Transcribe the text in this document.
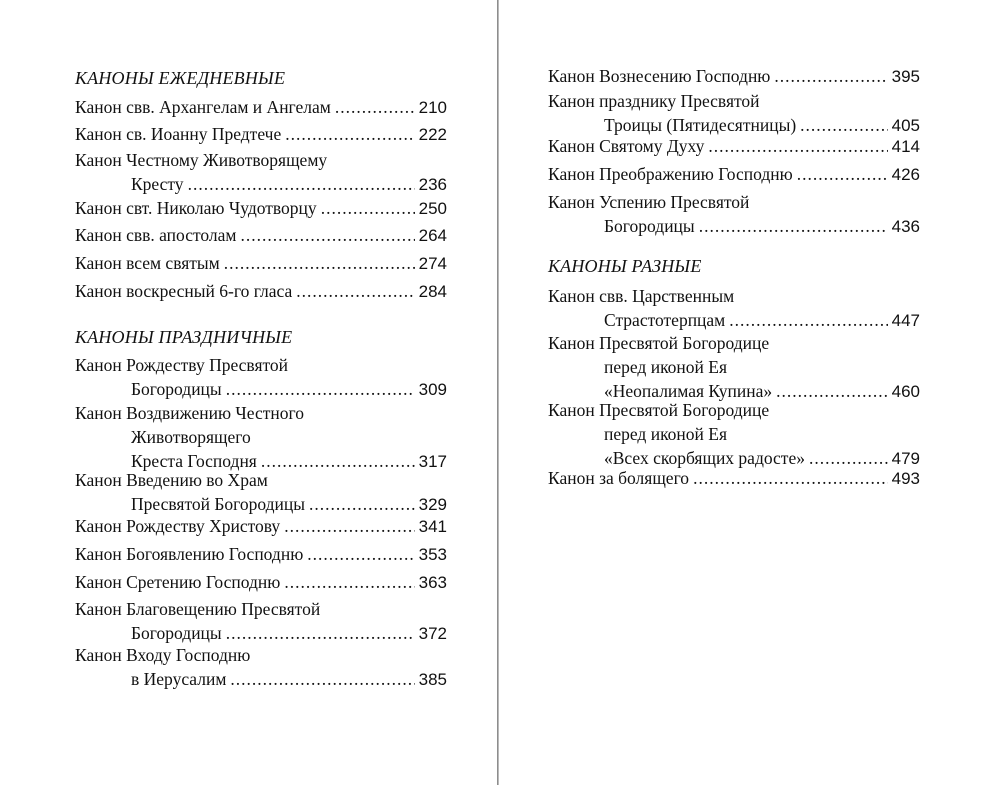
КАНОНЫ ЕЖЕДНЕВНЫЕ
Канон свв. Архангелам и Ангелам .....	210
Канон св. Иоанну Предтече .....	222
Канон Честному Животворящему
Кресту .....	236
Канон свт. Николаю Чудотворцу .....	250
Канон свв. апостолам .....	264
Канон всем святым .....	274
Канон воскресный 6-го гласа .....	284
КАНОНЫ ПРАЗДНИЧНЫЕ
Канон Рождеству Пресвятой
Богородицы .....	309
Канон Воздвижению Честного
Животворящего
Креста Господня .....	317
Канон Введению во Храм
Пресвятой Богородицы .....	329
Канон Рождеству Христову .....	341
Канон Богоявлению Господню .....	353
Канон Сретению Господню .....	363
Канон Благовещению Пресвятой
Богородицы .....	372
Канон Входу Господню
в Иерусалим .....	385
Канон Вознесению Господню .....	395
Канон празднику Пресвятой
Троицы (Пятидесятницы) .....	405
Канон Святому Духу .....	414
Канон Преображению Господню .....	426
Канон Успению Пресвятой
Богородицы .....	436
КАНОНЫ РАЗНЫЕ
Канон свв. Царственным
Страстотерпцам .....	447
Канон Пресвятой Богородице
перед иконой Ея
«Неопалимая Купина» .....	460
Канон Пресвятой Богородице
перед иконой Ея
«Всех скорбящих радосте» .....	479
Канон за болящего .....	493
